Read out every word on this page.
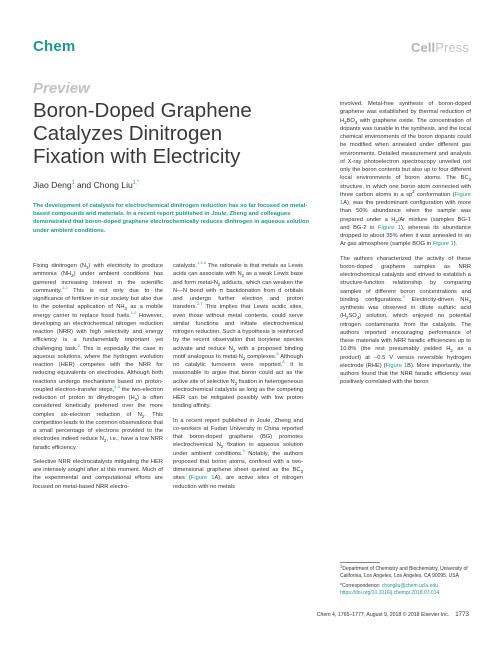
Chem	CellPress
Preview
Boron-Doped Graphene
Catalyzes Dinitrogen
Fixation with Electricity
Jiao Deng$^1$ and Chong Liu$^{1,*}$
The development of catalysts for electrochemical dinitrogen reduction has so far focused on metal-based compounds and materials. In a recent report published in Joule, Zheng and colleagues demonstrated that boron-doped graphene electrochemically reduces dinitrogen in aqueous solution under ambient conditions.

Fixing dinitrogen $(N_2)$ with electricity to produce ammonia $(NH_3)$ under ambient conditions has garnered increasing interest in the scientific community.$^{1,2}$ This is not only due to the significance of fertilizer in our society but also due to the potential application of $NH_3$ as a mobile energy carrier to replace fossil fuels.$^{1,2}$ However, developing an electrochemical nitrogen reduction reaction (NRR) with high selectivity and energy efficiency is a fundamentally important yet challenging task.$^3$ This is especially the case in aqueous solutions, where the hydrogen evolution reaction (HER) competes with the NRR for reducing equivalents on electrodes. Although both reactions undergo mechanisms based on proton-coupled electron-transfer steps,$^{4,5}$ the two-electron reduction of proton to dihydrogen $(H_2)$ is often considered kinetically preferred over the more complex six-electron reduction of $N_2$. This competition leads to the common observations that a small percentage of electrons provided to the electrodes indeed reduce $N_2$, i.e., have a low NRR faradic efficiency.

Selective NRR electrocatalysts mitigating the HER are intensely sought after at this moment. Much of the experimental and computational efforts are focused on metal-based NRR electro-

catalysts.$^{1,3,6}$ The rationale is that metals as Lewis acids can associate with $N_2$ as a weak Lewis base and form metal-$N_2$ adducts, which can weaken the N—N bond with π backdonation from d orbitals and undergo further electron and proton transfers.$^{2,7}$ This implies that Lewis acidic sites, even those without metal contents, could serve similar functions and initiate electrochemical nitrogen reduction. Such a hypothesis is reinforced by the recent observation that borylene species activate and reduce $N_2$ with a proposed binding motif analogous to metal-$N_2$ complexes.$^8$ Although no catalytic turnovers were reported,$^8$ it is reasonable to argue that boron could act as the active site of selective $N_2$ fixation in heterogeneous electrochemical catalysts as long as the competing HER can be mitigated possibly with low proton binding affinity.

In a recent report published in Joule, Zheng and co-workers at Fudan University in China reported that boron-doped graphene (BG) promotes electrochemical $N_2$ fixation in aqueous solution under ambient conditions.$^9$ Notably, the authors proposed that boron atoms, confined with a two-dimensional graphene sheet quoted as the $BC_3$ sites (Figure 1A), are active sites of nitrogen reduction with no metals

involved. Metal-free synthesis of boron-doped graphene was established by thermal reduction of $H_3BO_3$ with graphene oxide. The concentration of dopants was tunable in the synthesis, and the local chemical environments of the boron dopants could be modified when annealed under different gas environments. Detailed measurement and analysis of X-ray photoelectron spectroscopy unveiled not only the boron contents but also up to four different local environments of boron atoms. The $BC_3$ structure, in which one boron atom connected with three carbon atoms in a $sp^2$ conformation (Figure 1A), was the predominant configuration with more than 50% abundance when the sample was prepared under a $H_2/Ar$ mixture (samples BG-1 and BG-2 in Figure 1), whereas its abundance dropped to about 35% when it was annealed in an Ar gas atmosphere (sample BOG in Figure 1).

The authors characterized the activity of these boron-doped graphene samples as NRR electrochemical catalysts and strived to establish a structure-function relationship by comparing samples of different boron concentrations and binding configurations.$^9$ Electricity-driven $NH_3$ synthesis was observed in dilute sulfuric acid $(H_2SO_4)$ solution, which enjoyed no potential nitrogen contaminants from the catalysts. The authors reported encouraging performance of these materials with NRR faradic efficiencies up to 10.8% (the rest presumably yielded $H_2$ as a product) at −0.5 V versus reversible hydrogen electrode (RHE) (Figure 1B). More importantly, the authors found that the NRR faradic efficiency was positively correlated with the boron

$^1$Department of Chemistry and Biochemistry, University of California, Los Angeles, Los Angeles, CA 90095, USA

*Correspondence: chongliu@chem.ucla.edu
https://doi.org/10.1016/j.chempr.2018.07.014

Chem 4, 1765–1777, August 9, 2018 © 2018 Elsevier Inc. 1773
